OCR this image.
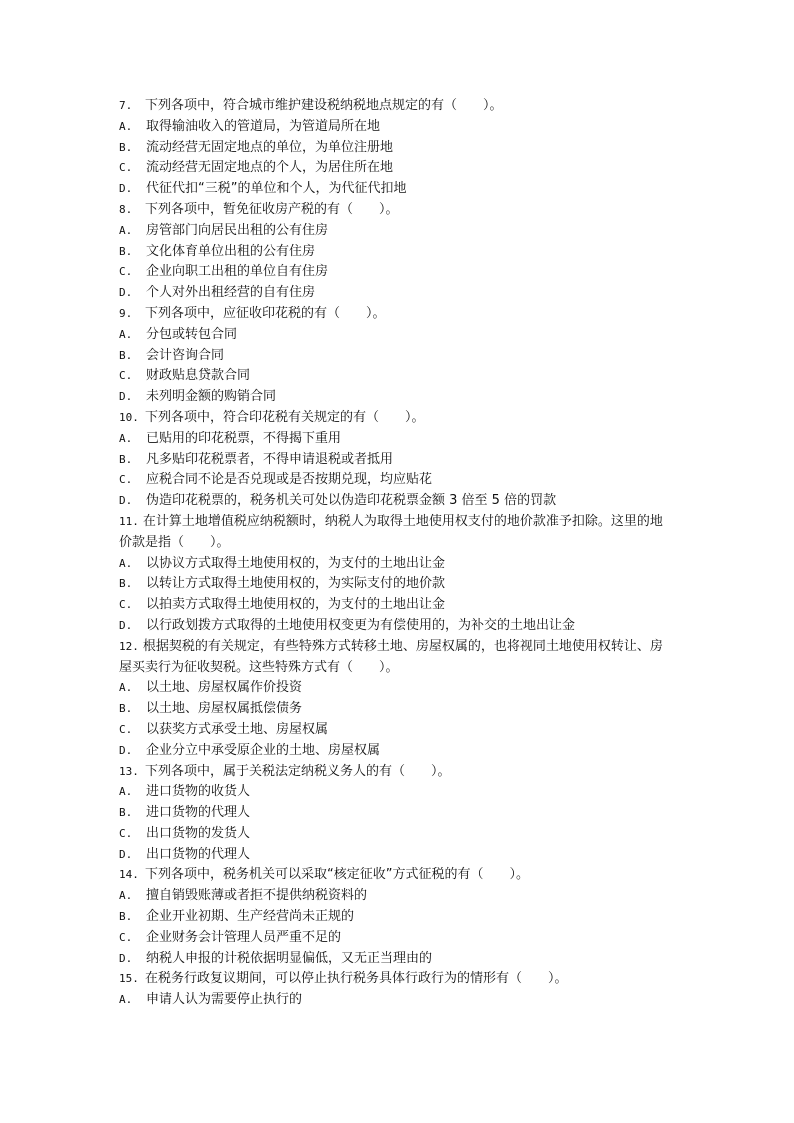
7. 下列各项中，符合城市维护建设税纳税地点规定的有（　　）。
A.	取得输油收入的管道局，为管道局所在地
B.	流动经营无固定地点的单位，为单位注册地
C.	流动经营无固定地点的个人，为居住所在地
D.	代征代扣“三税”的单位和个人，为代征代扣地
8. 下列各项中，暂免征收房产税的有（　　）。
A.	房管部门向居民出租的公有住房
B.	文化体育单位出租的公有住房
C.	企业向职工出租的单位自有住房
D.	个人对外出租经营的自有住房
9. 下列各项中，应征收印花税的有（　　）。
A.	分包或转包合同
B.	会计咨询合同
C.	财政贴息贷款合同
D.	未列明金额的购销合同
10. 下列各项中，符合印花税有关规定的有（　　）。
A.	已贴用的印花税票，不得揭下重用
B.	凡多贴印花税票者，不得申请退税或者抵用
C.	应税合同不论是否兑现或是否按期兑现，均应贴花
D.	伪造印花税票的，税务机关可处以伪造印花税票金额 3 倍至 5 倍的罚款
11. 在计算土地增值税应纳税额时，纳税人为取得土地使用权支付的地价款准予扣除。这里的地价款是指（　　）。
A.	以协议方式取得土地使用权的，为支付的土地出让金
B.	以转让方式取得土地使用权的，为实际支付的地价款
C.	以拍卖方式取得土地使用权的，为支付的土地出让金
D.	以行政划拨方式取得的土地使用权变更为有偿使用的，为补交的土地出让金
12. 根据契税的有关规定，有些特殊方式转移土地、房屋权属的，也将视同土地使用权转让、房屋买卖行为征收契税。这些特殊方式有（　　）。
A.	以土地、房屋权属作价投资
B.	以土地、房屋权属抵偿债务
C.	以获奖方式承受土地、房屋权属
D.	企业分立中承受原企业的土地、房屋权属
13. 下列各项中，属于关税法定纳税义务人的有（　　）。
A.	进口货物的收货人
B.	进口货物的代理人
C.	出口货物的发货人
D.	出口货物的代理人
14. 下列各项中，税务机关可以采取“核定征收”方式征税的有（　　）。
A.	擅自销毁账薄或者拒不提供纳税资料的
B.	企业开业初期、生产经营尚未正规的
C.	企业财务会计管理人员严重不足的
D.	纳税人申报的计税依据明显偏低，又无正当理由的
15. 在税务行政复议期间，可以停止执行税务具体行政行为的情形有（　　）。
A.	申请人认为需要停止执行的
